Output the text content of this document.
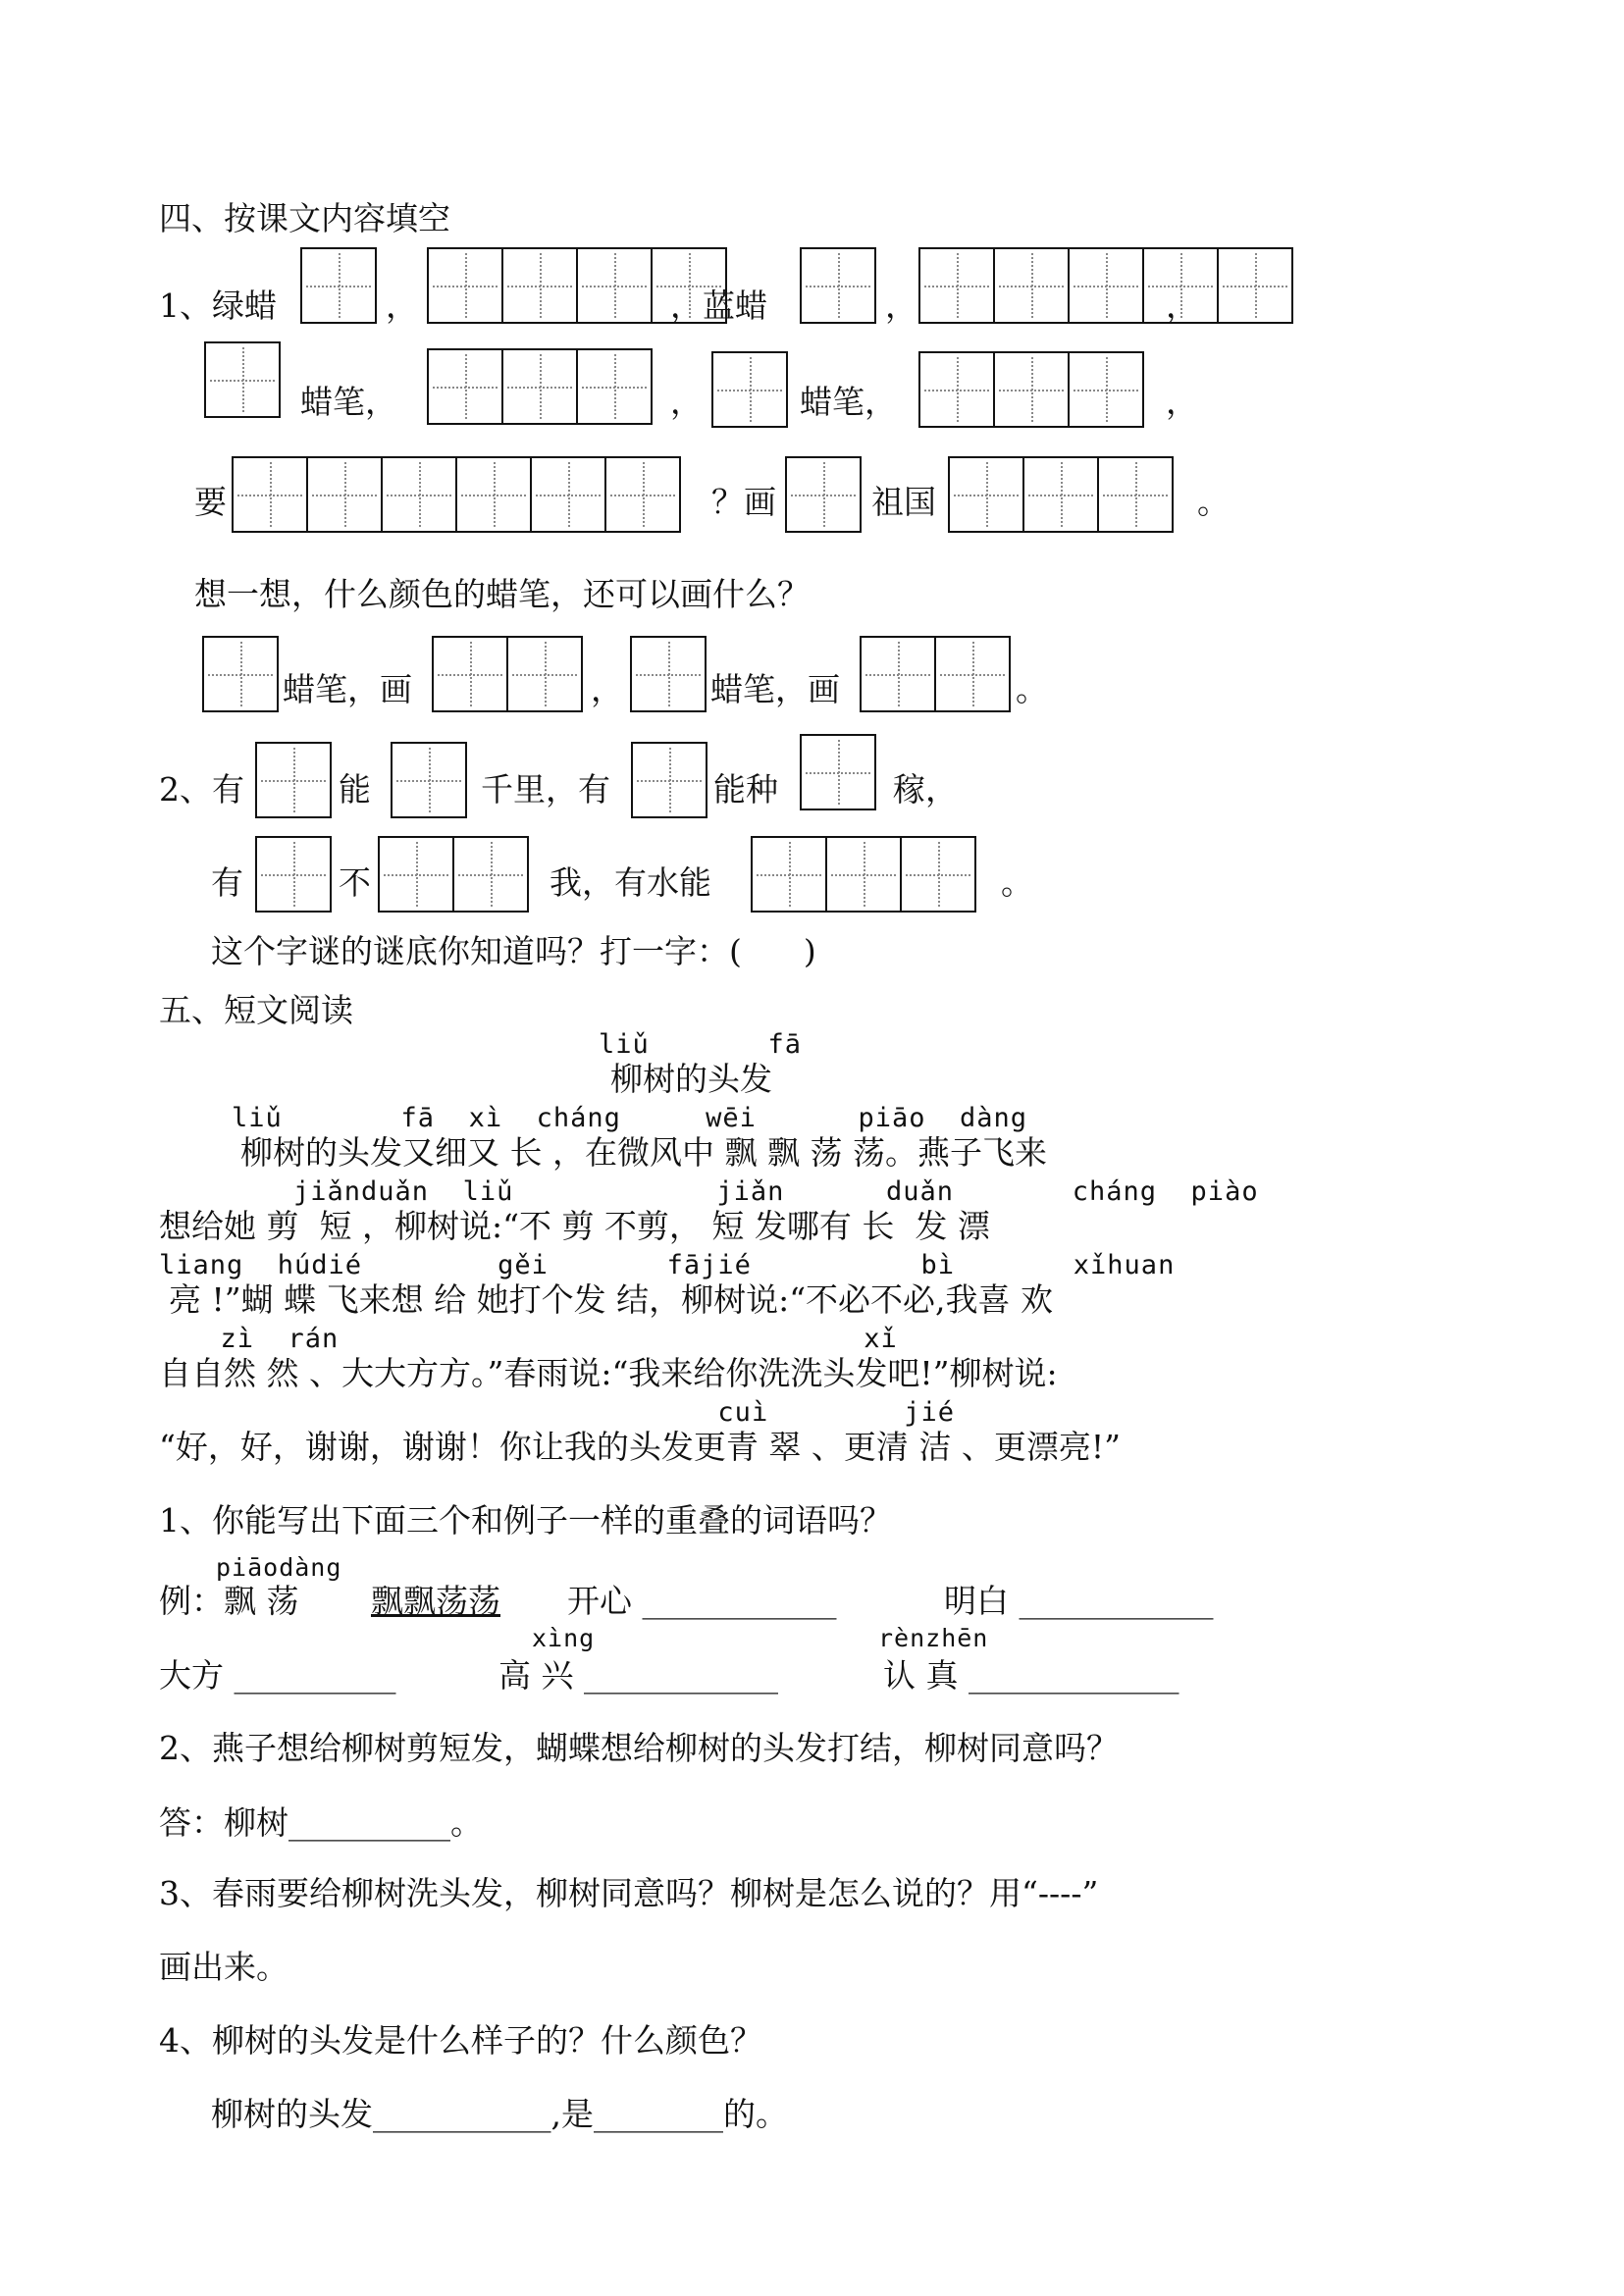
四、按课文内容填空
1、绿蜡	，	，蓝蜡	，	，
蜡笔，	，	蜡笔，	，
要	？画	祖国	。
想一想，什么颜色的蜡笔，还可以画什么？
蜡笔，画	，	蜡笔，画	。
2、有	能	千里，有	能种	稼，
有	不	我，有水能	。
这个字谜的谜底你知道吗？打一字：(      )
五、短文阅读
liǔ       fā
柳树的头发
liǔ       fā  xì  cháng     wēi      piāo  dàng
柳树的头发又细又 长 ，在微风中 飘 飘 荡 荡。燕子飞来
jiǎnduǎn  liǔ            jiǎn      duǎn       cháng  piào
想给她 剪  短 ，柳树说:“不 剪 不剪， 短 发哪有 长  发 漂
liang  húdié        gěi       fājié          bì       xǐhuan
亮 !”蝴 蝶 飞来想 给 她打个发 结，柳树说:“不必不必,我喜 欢
zì  rán                               xǐ
自自然 然 、大大方方。”春雨说:“我来给你洗洗头发吧!”柳树说:
cuì        jié
“好，好，谢谢，谢谢！你让我的头发更青 翠 、更清 洁 、更漂亮!”
1、你能写出下面三个和例子一样的重叠的词语吗？
piāodàng
例：飘 荡 飘飘荡荡 开心 ____________	明白 ____________
xìng	rènzhēn
大方 __________	高 兴 ____________	认 真 _____________
2、燕子想给柳树剪短发，蝴蝶想给柳树的头发打结，柳树同意吗？
答：柳树__________。
3、春雨要给柳树洗头发，柳树同意吗？柳树是怎么说的？用“----”
画出来。
4、柳树的头发是什么样子的？什么颜色？
柳树的头发___________,是________的。
